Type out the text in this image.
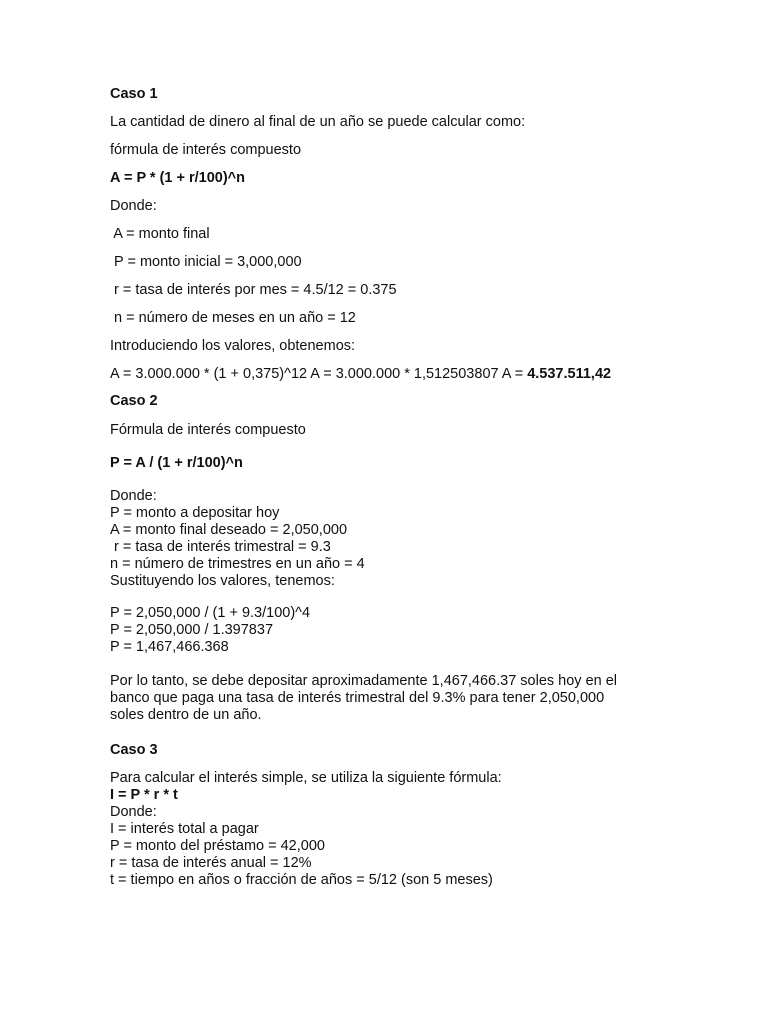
Caso 1
La cantidad de dinero al final de un año se puede calcular como:
fórmula de interés compuesto
A = P * (1 + r/100)^n
Donde:
A = monto final
P = monto inicial = 3,000,000
r = tasa de interés por mes = 4.5/12 = 0.375
n = número de meses en un año = 12
Introduciendo los valores, obtenemos:
A = 3.000.000 * (1 + 0,375)^12 A = 3.000.000 * 1,512503807 A = 4.537.511,42
Caso 2
Fórmula de interés compuesto
P = A / (1 + r/100)^n
Donde:
P = monto a depositar hoy
A = monto final deseado = 2,050,000
r = tasa de interés trimestral = 9.3
n = número de trimestres en un año = 4
Sustituyendo los valores, tenemos:
P = 2,050,000 / (1 + 9.3/100)^4
P = 2,050,000 / 1.397837
P = 1,467,466.368
Por lo tanto, se debe depositar aproximadamente 1,467,466.37 soles hoy en el
banco que paga una tasa de interés trimestral del 9.3% para tener 2,050,000
soles dentro de un año.
Caso 3
Para calcular el interés simple, se utiliza la siguiente fórmula:
I = P * r * t
Donde:
I = interés total a pagar
P = monto del préstamo = 42,000
r = tasa de interés anual = 12%
t = tiempo en años o fracción de años = 5/12 (son 5 meses)
